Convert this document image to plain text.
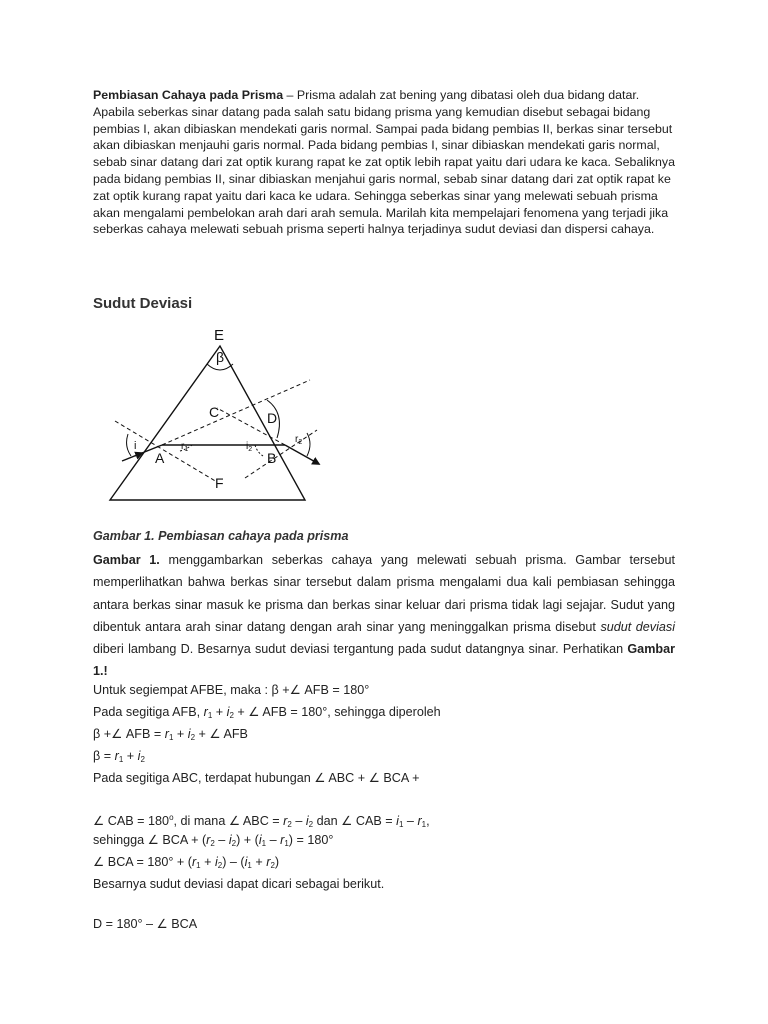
Pembiasan Cahaya pada Prisma – Prisma adalah zat bening yang dibatasi oleh dua bidang datar. Apabila seberkas sinar datang pada salah satu bidang prisma yang kemudian disebut sebagai bidang pembias I, akan dibiaskan mendekati garis normal. Sampai pada bidang pembias II, berkas sinar tersebut akan dibiaskan menjauhi garis normal. Pada bidang pembias I, sinar dibiaskan mendekati garis normal, sebab sinar datang dari zat optik kurang rapat ke zat optik lebih rapat yaitu dari udara ke kaca. Sebaliknya pada bidang pembias II, sinar dibiaskan menjahui garis normal, sebab sinar datang dari zat optik rapat ke zat optik kurang rapat yaitu dari kaca ke udara. Sehingga seberkas sinar yang melewati sebuah prisma akan mengalami pembelokan arah dari arah semula. Marilah kita mempelajari fenomena yang terjadi jika seberkas cahaya melewati sebuah prisma seperti halnya terjadinya sudut deviasi dan dispersi cahaya.

Sudut Deviasi
E
β
C	D
A	B
F
i	$r_1$	$i_2$
$r_2$

Gambar 1. Pembiasan cahaya pada prisma

Gambar 1. menggambarkan seberkas cahaya yang melewati sebuah prisma. Gambar tersebut memperlihatkan bahwa berkas sinar tersebut dalam prisma mengalami dua kali pembiasan sehingga antara berkas sinar masuk ke prisma dan berkas sinar keluar dari prisma tidak lagi sejajar. Sudut yang dibentuk antara arah sinar datang dengan arah sinar yang meninggalkan prisma disebut sudut deviasi diberi lambang D. Besarnya sudut deviasi tergantung pada sudut datangnya sinar. Perhatikan Gambar 1.!

Untuk segiempat AFBE, maka : β +∠ AFB = 180°

Pada segitiga AFB, $r_1 + i_2$ + ∠ AFB = 180°, sehingga diperoleh

β +∠ AFB = $r_1 + i_2$ + ∠ AFB

$\beta = r_1 + i_2$

Pada segitiga ABC, terdapat hubungan ∠ ABC + ∠ BCA +

∠ CAB = $180^o$, di mana ∠ ABC = $r_2 - i_2$ dan ∠ CAB = $i_1 - r_1$,

sehingga ∠ BCA + $(r_2 - i_2) + (i_1 - r_1) = 180^\circ$

∠ BCA = $180^\circ + (r_1 + i_2) - (i_1 + r_2)$

Besarnya sudut deviasi dapat dicari sebagai berikut.

D = 180° – ∠ BCA
